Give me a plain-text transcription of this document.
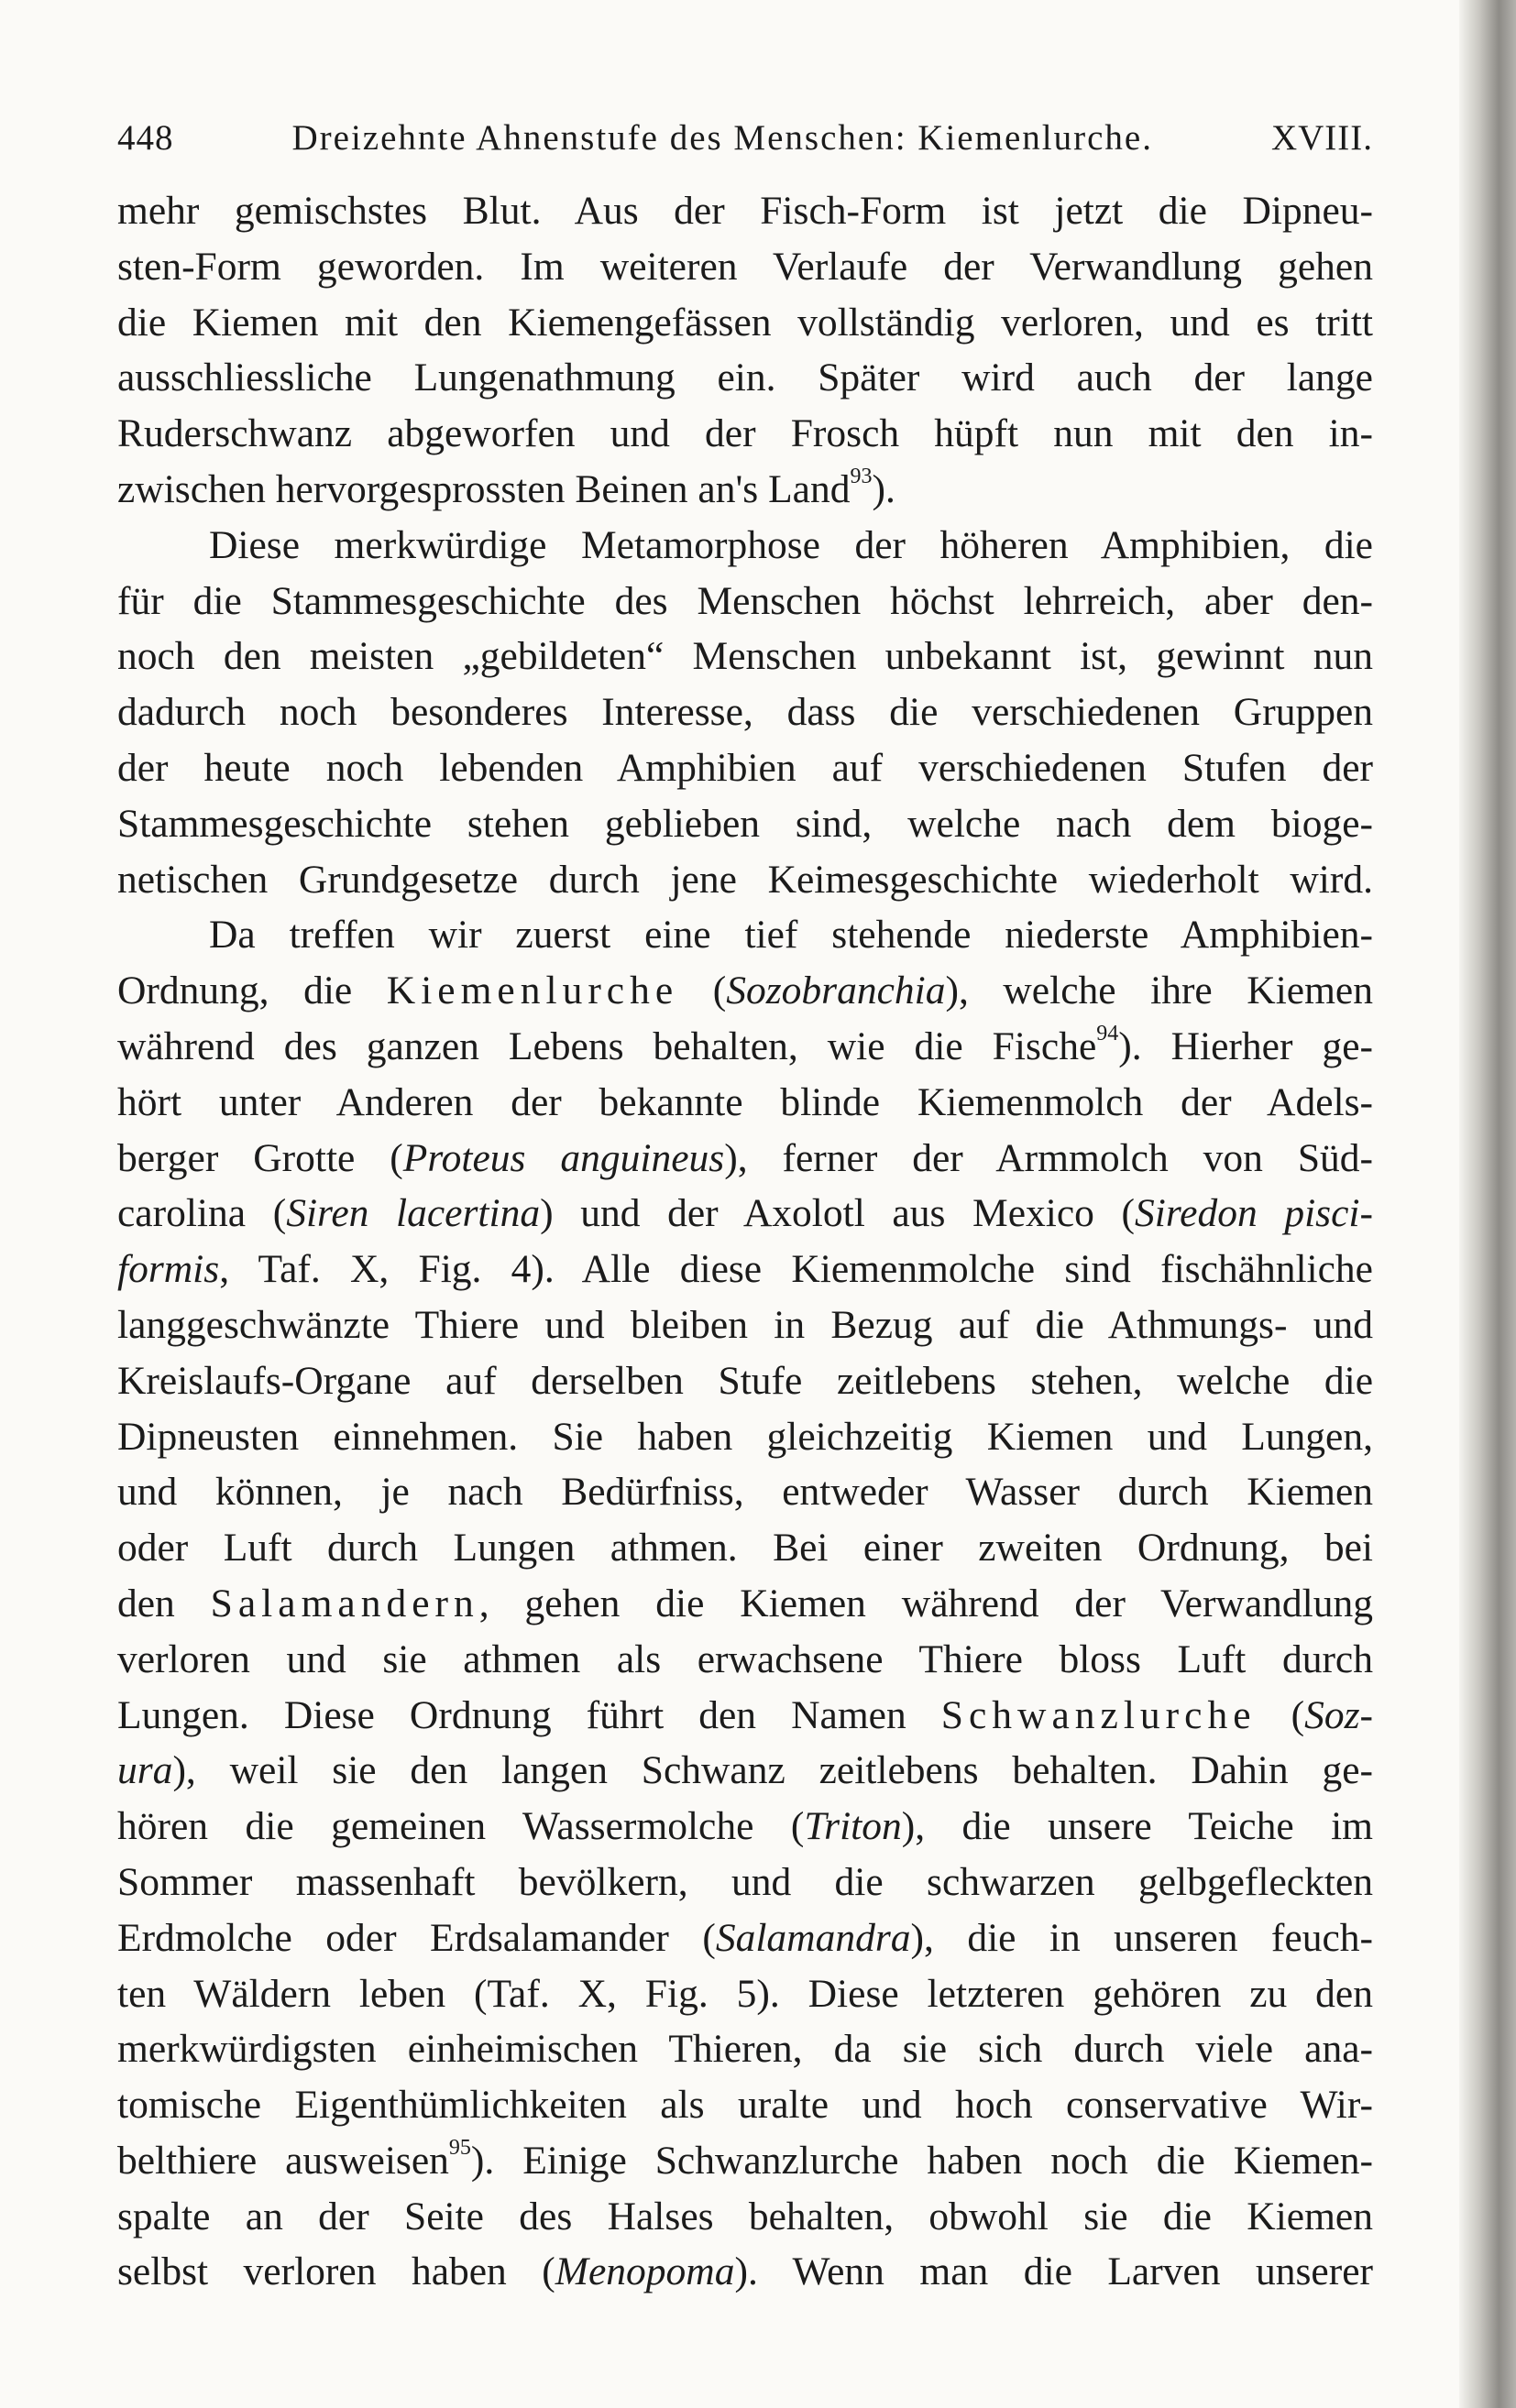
448	Dreizehnte Ahnenstufe des Menschen: Kiemenlurche.	XVIII.
mehr gemischstes Blut. Aus der Fisch-Form ist jetzt die Dipneu-
sten-Form geworden. Im weiteren Verlaufe der Verwandlung gehen
die Kiemen mit den Kiemengefässen vollständig verloren, und es tritt
ausschliessliche Lungenathmung ein. Später wird auch der lange
Ruderschwanz abgeworfen und der Frosch hüpft nun mit den in-
zwischen hervorgesprossten Beinen an's Land$^{93}$).
Diese merkwürdige Metamorphose der höheren Amphibien, die
für die Stammesgeschichte des Menschen höchst lehrreich, aber den-
noch den meisten „gebildeten“ Menschen unbekannt ist, gewinnt nun
dadurch noch besonderes Interesse, dass die verschiedenen Gruppen
der heute noch lebenden Amphibien auf verschiedenen Stufen der
Stammesgeschichte stehen geblieben sind, welche nach dem bioge-
netischen Grundgesetze durch jene Keimesgeschichte wiederholt wird.
Da treffen wir zuerst eine tief stehende niederste Amphibien-
Ordnung, die Kiemenlurche (Sozobranchia), welche ihre Kiemen
während des ganzen Lebens behalten, wie die Fische$^{94}$). Hierher ge-
hört unter Anderen der bekannte blinde Kiemenmolch der Adels-
berger Grotte (Proteus anguineus), ferner der Armmolch von Süd-
carolina (Siren lacertina) und der Axolotl aus Mexico (Siredon pisci-
formis, Taf. X, Fig. 4). Alle diese Kiemenmolche sind fischähnliche
langgeschwänzte Thiere und bleiben in Bezug auf die Athmungs- und
Kreislaufs-Organe auf derselben Stufe zeitlebens stehen, welche die
Dipneusten einnehmen. Sie haben gleichzeitig Kiemen und Lungen,
und können, je nach Bedürfniss, entweder Wasser durch Kiemen
oder Luft durch Lungen athmen. Bei einer zweiten Ordnung, bei
den Salamandern, gehen die Kiemen während der Verwandlung
verloren und sie athmen als erwachsene Thiere bloss Luft durch
Lungen. Diese Ordnung führt den Namen Schwanzlurche (Soz-
ura), weil sie den langen Schwanz zeitlebens behalten. Dahin ge-
hören die gemeinen Wassermolche (Triton), die unsere Teiche im
Sommer massenhaft bevölkern, und die schwarzen gelbgefleckten
Erdmolche oder Erdsalamander (Salamandra), die in unseren feuch-
ten Wäldern leben (Taf. X, Fig. 5). Diese letzteren gehören zu den
merkwürdigsten einheimischen Thieren, da sie sich durch viele ana-
tomische Eigenthümlichkeiten als uralte und hoch conservative Wir-
belthiere ausweisen$^{95}$). Einige Schwanzlurche haben noch die Kiemen-
spalte an der Seite des Halses behalten, obwohl sie die Kiemen
selbst verloren haben (Menopoma). Wenn man die Larven unserer
